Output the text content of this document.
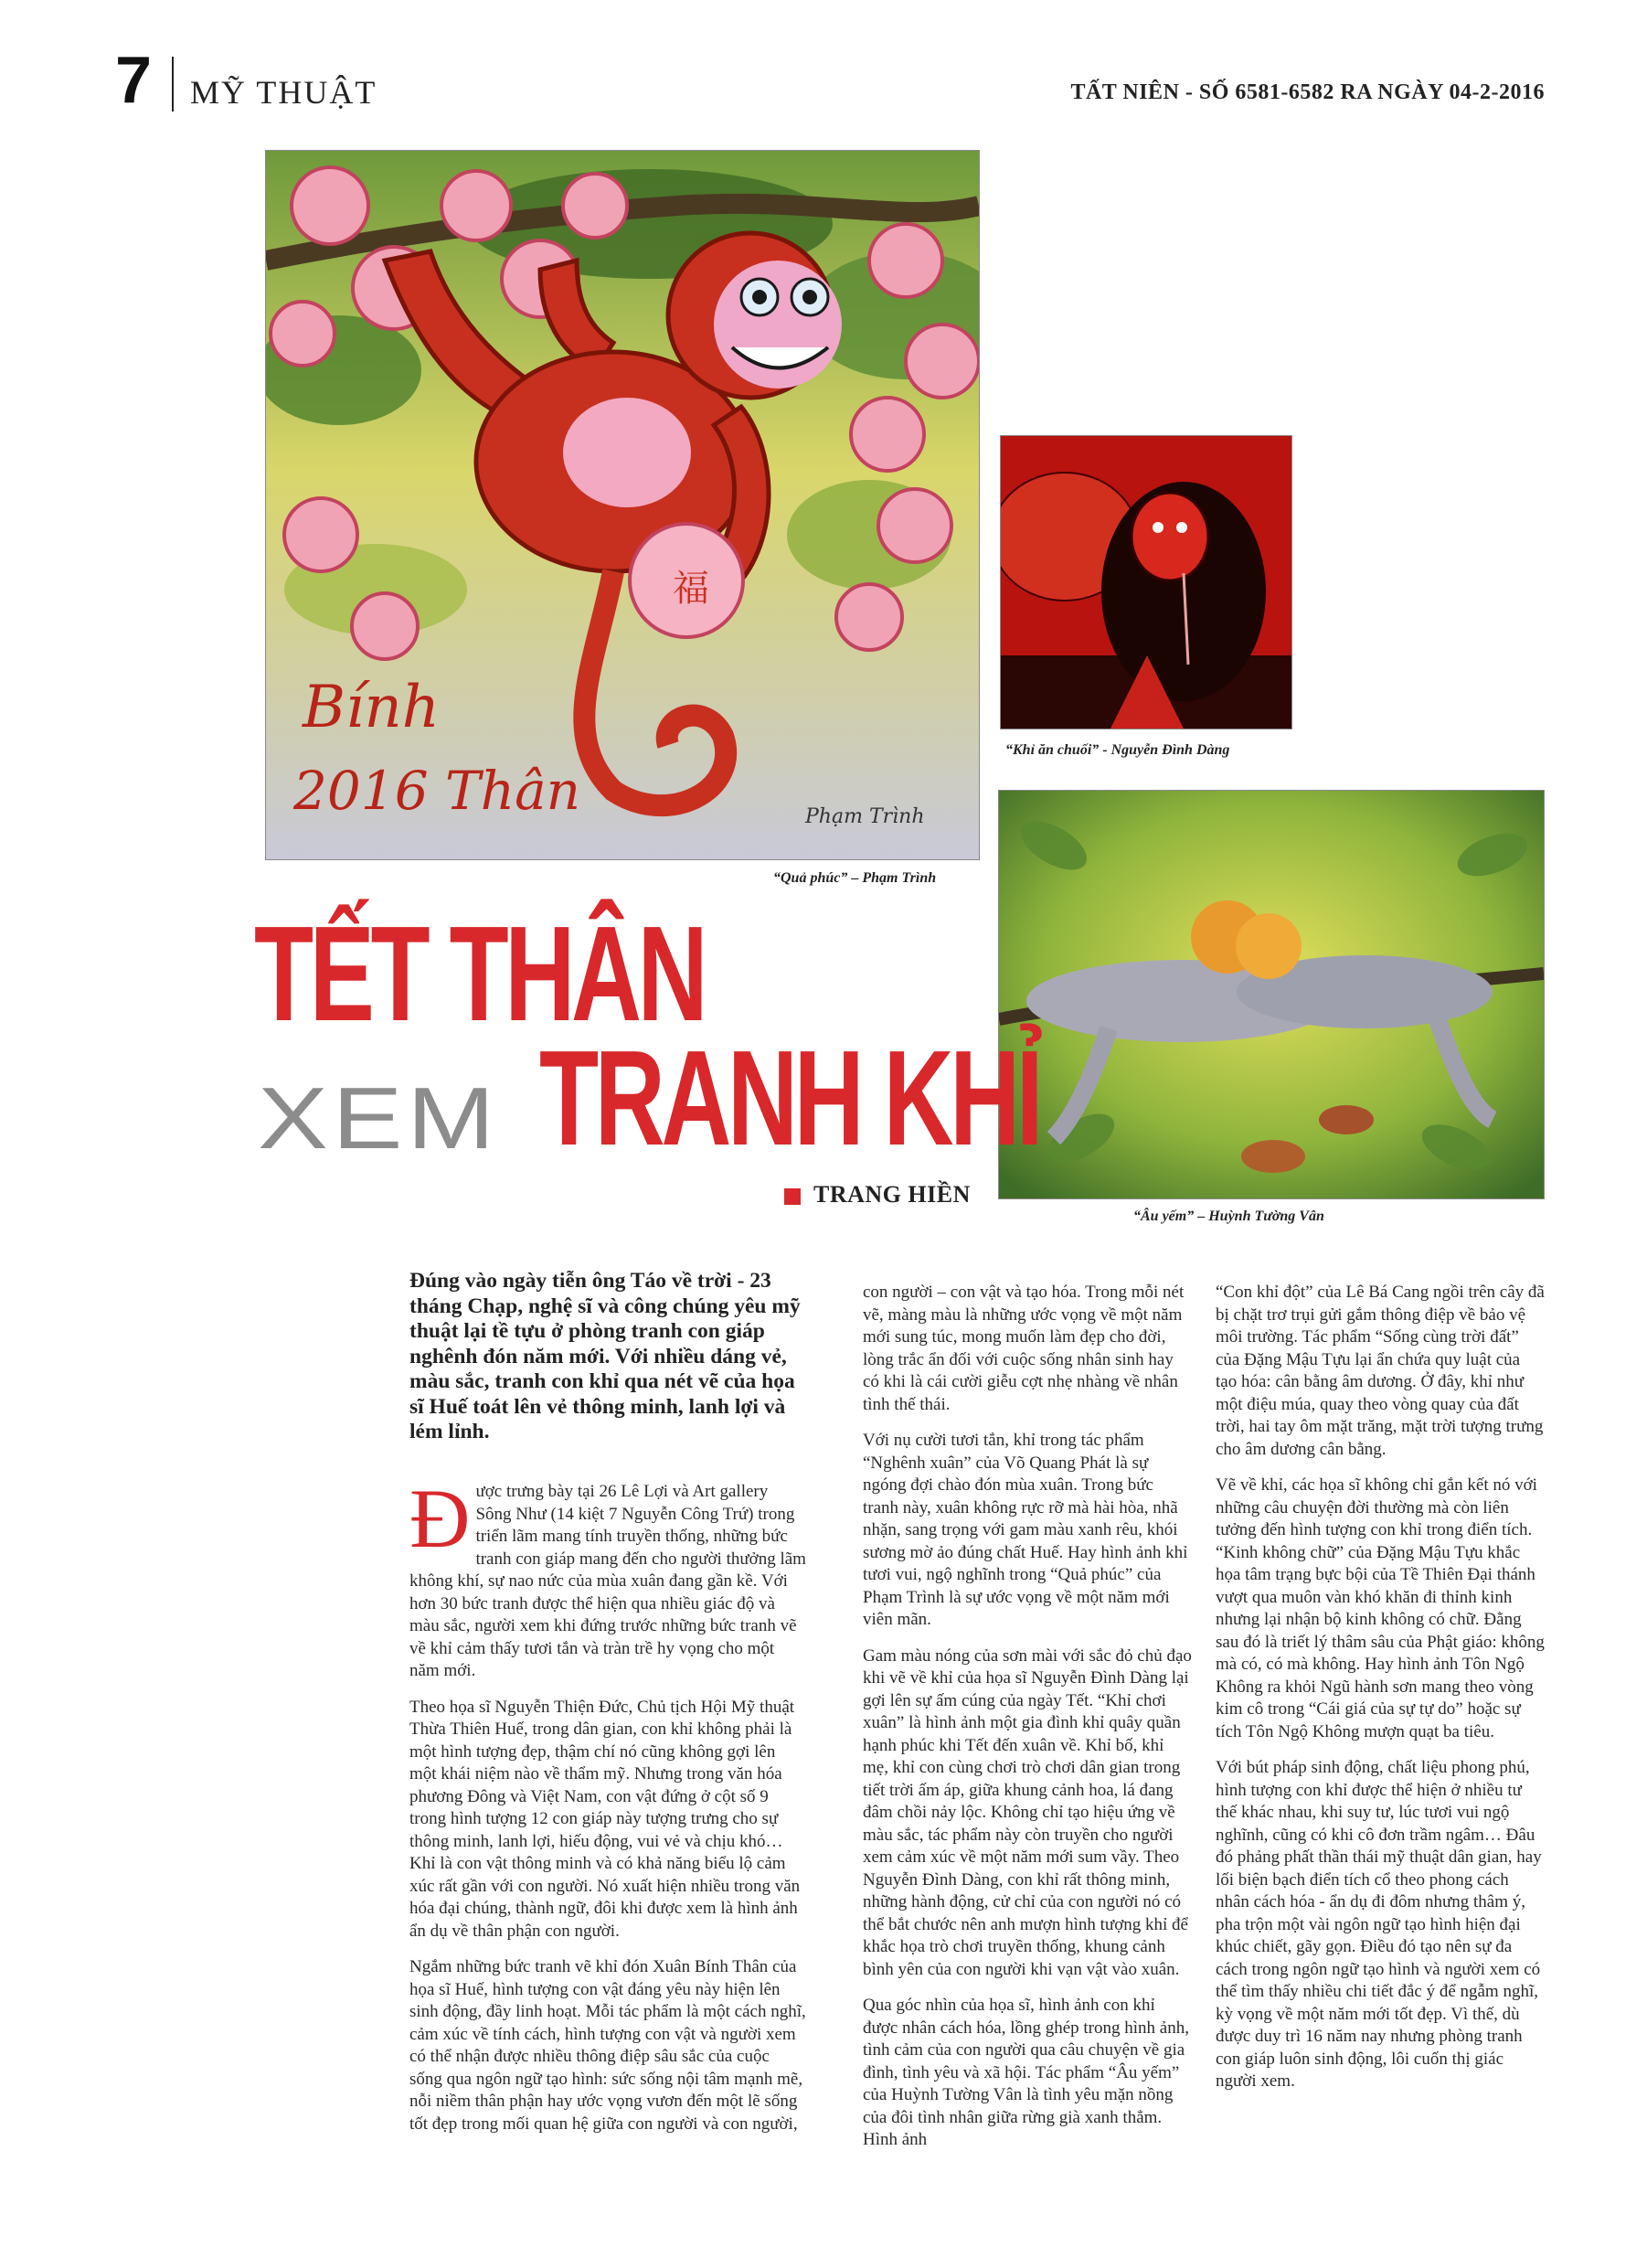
7 MỸ THUẬT	TẤT NIÊN - SỐ 6581-6582 RA NGÀY 04-2-2016
福
Bính
2016 Thân	Phạm Trình
“Quả phúc” – Phạm Trình
“Khỉ ăn chuối” - Nguyễn Đình Dàng
“Âu yếm” – Huỳnh Tường Vân
TẾT THÂN
XEM TRANH KHỈ
TRANG HIỀN
Đúng vào ngày tiễn ông Táo về trời - 23 tháng Chạp, nghệ sĩ và công chúng yêu mỹ thuật lại tề tựu ở phòng tranh con giáp nghênh đón năm mới. Với nhiều dáng vẻ, màu sắc, tranh con khỉ qua nét vẽ của họa sĩ Huế toát lên vẻ thông minh, lanh lợi và lém lỉnh.

Được trưng bày tại 26 Lê Lợi và Art gallery Sông Như (14 kiệt 7 Nguyễn Công Trứ) trong triển lãm mang tính truyền thống, những bức tranh con giáp mang đến cho người thưởng lãm không khí, sự nao nức của mùa xuân đang gần kề. Với hơn 30 bức tranh được thể hiện qua nhiều giác độ và màu sắc, người xem khi đứng trước những bức tranh vẽ về khỉ cảm thấy tươi tắn và tràn trề hy vọng cho một năm mới.

Theo họa sĩ Nguyễn Thiện Đức, Chủ tịch Hội Mỹ thuật Thừa Thiên Huế, trong dân gian, con khỉ không phải là một hình tượng đẹp, thậm chí nó cũng không gợi lên một khái niệm nào về thẩm mỹ. Nhưng trong văn hóa phương Đông và Việt Nam, con vật đứng ở cột số 9 trong hình tượng 12 con giáp này tượng trưng cho sự thông minh, lanh lợi, hiếu động, vui vẻ và chịu khó… Khỉ là con vật thông minh và có khả năng biểu lộ cảm xúc rất gần với con người. Nó xuất hiện nhiều trong văn hóa đại chúng, thành ngữ, đôi khi được xem là hình ảnh ẩn dụ về thân phận con người.

Ngắm những bức tranh vẽ khỉ đón Xuân Bính Thân của họa sĩ Huế, hình tượng con vật đáng yêu này hiện lên sinh động, đầy linh hoạt. Mỗi tác phẩm là một cách nghĩ, cảm xúc về tính cách, hình tượng con vật và người xem có thể nhận được nhiều thông điệp sâu sắc của cuộc sống qua ngôn ngữ tạo hình: sức sống nội tâm mạnh mẽ, nỗi niềm thân phận hay ước vọng vươn đến một lẽ sống tốt đẹp trong mối quan hệ giữa con người và con người,

con người – con vật và tạo hóa. Trong mỗi nét vẽ, màng màu là những ước vọng về một năm mới sung túc, mong muốn làm đẹp cho đời, lòng trắc ẩn đối với cuộc sống nhân sinh hay có khi là cái cười giễu cợt nhẹ nhàng về nhân tình thế thái.

Với nụ cười tươi tắn, khỉ trong tác phẩm “Nghênh xuân” của Võ Quang Phát là sự ngóng đợi chào đón mùa xuân. Trong bức tranh này, xuân không rực rỡ mà hài hòa, nhã nhặn, sang trọng với gam màu xanh rêu, khói sương mờ ảo đúng chất Huế. Hay hình ảnh khỉ tươi vui, ngộ nghĩnh trong “Quả phúc” của Phạm Trình là sự ước vọng về một năm mới viên mãn.

Gam màu nóng của sơn mài với sắc đỏ chủ đạo khi vẽ về khỉ của họa sĩ Nguyễn Đình Dàng lại gợi lên sự ấm cúng của ngày Tết. “Khỉ chơi xuân” là hình ảnh một gia đình khỉ quây quần hạnh phúc khi Tết đến xuân về. Khỉ bố, khỉ mẹ, khỉ con cùng chơi trò chơi dân gian trong tiết trời ấm áp, giữa khung cảnh hoa, lá đang đâm chồi nảy lộc. Không chỉ tạo hiệu ứng về màu sắc, tác phẩm này còn truyền cho người xem cảm xúc về một năm mới sum vầy. Theo Nguyễn Đình Dàng, con khỉ rất thông minh, những hành động, cử chỉ của con người nó có thể bắt chước nên anh mượn hình tượng khỉ để khắc họa trò chơi truyền thống, khung cảnh bình yên của con người khi vạn vật vào xuân.

Qua góc nhìn của họa sĩ, hình ảnh con khỉ được nhân cách hóa, lồng ghép trong hình ảnh, tình cảm của con người qua câu chuyện về gia đình, tình yêu và xã hội. Tác phẩm “Âu yếm” của Huỳnh Tường Vân là tình yêu mặn nồng của đôi tình nhân giữa rừng già xanh thẳm. Hình ảnh

“Con khỉ đột” của Lê Bá Cang ngồi trên cây đã bị chặt trơ trụi gửi gắm thông điệp về bảo vệ môi trường. Tác phẩm “Sống cùng trời đất” của Đặng Mậu Tựu lại ẩn chứa quy luật của tạo hóa: cân bằng âm dương. Ở đây, khỉ như một điệu múa, quay theo vòng quay của đất trời, hai tay ôm mặt trăng, mặt trời tượng trưng cho âm dương cân bằng.

Vẽ về khỉ, các họa sĩ không chỉ gắn kết nó với những câu chuyện đời thường mà còn liên tưởng đến hình tượng con khỉ trong điển tích. “Kinh không chữ” của Đặng Mậu Tựu khắc họa tâm trạng bực bội của Tề Thiên Đại thánh vượt qua muôn vàn khó khăn đi thỉnh kinh nhưng lại nhận bộ kinh không có chữ. Đằng sau đó là triết lý thâm sâu của Phật giáo: không mà có, có mà không. Hay hình ảnh Tôn Ngộ Không ra khỏi Ngũ hành sơn mang theo vòng kim cô trong “Cái giá của sự tự do” hoặc sự tích Tôn Ngộ Không mượn quạt ba tiêu.

Với bút pháp sinh động, chất liệu phong phú, hình tượng con khỉ được thể hiện ở nhiều tư thế khác nhau, khi suy tư, lúc tươi vui ngộ nghĩnh, cũng có khi cô đơn trầm ngâm… Đâu đó phảng phất thần thái mỹ thuật dân gian, hay lối biện bạch điển tích cổ theo phong cách nhân cách hóa - ẩn dụ đi đôm nhưng thâm ý, pha trộn một vài ngôn ngữ tạo hình hiện đại khúc chiết, gãy gọn. Điều đó tạo nên sự đa cách trong ngôn ngữ tạo hình và người xem có thể tìm thấy nhiều chi tiết đắc ý để ngẫm nghĩ, kỳ vọng về một năm mới tốt đẹp. Vì thế, dù được duy trì 16 năm nay nhưng phòng tranh con giáp luôn sinh động, lôi cuốn thị giác người xem.
